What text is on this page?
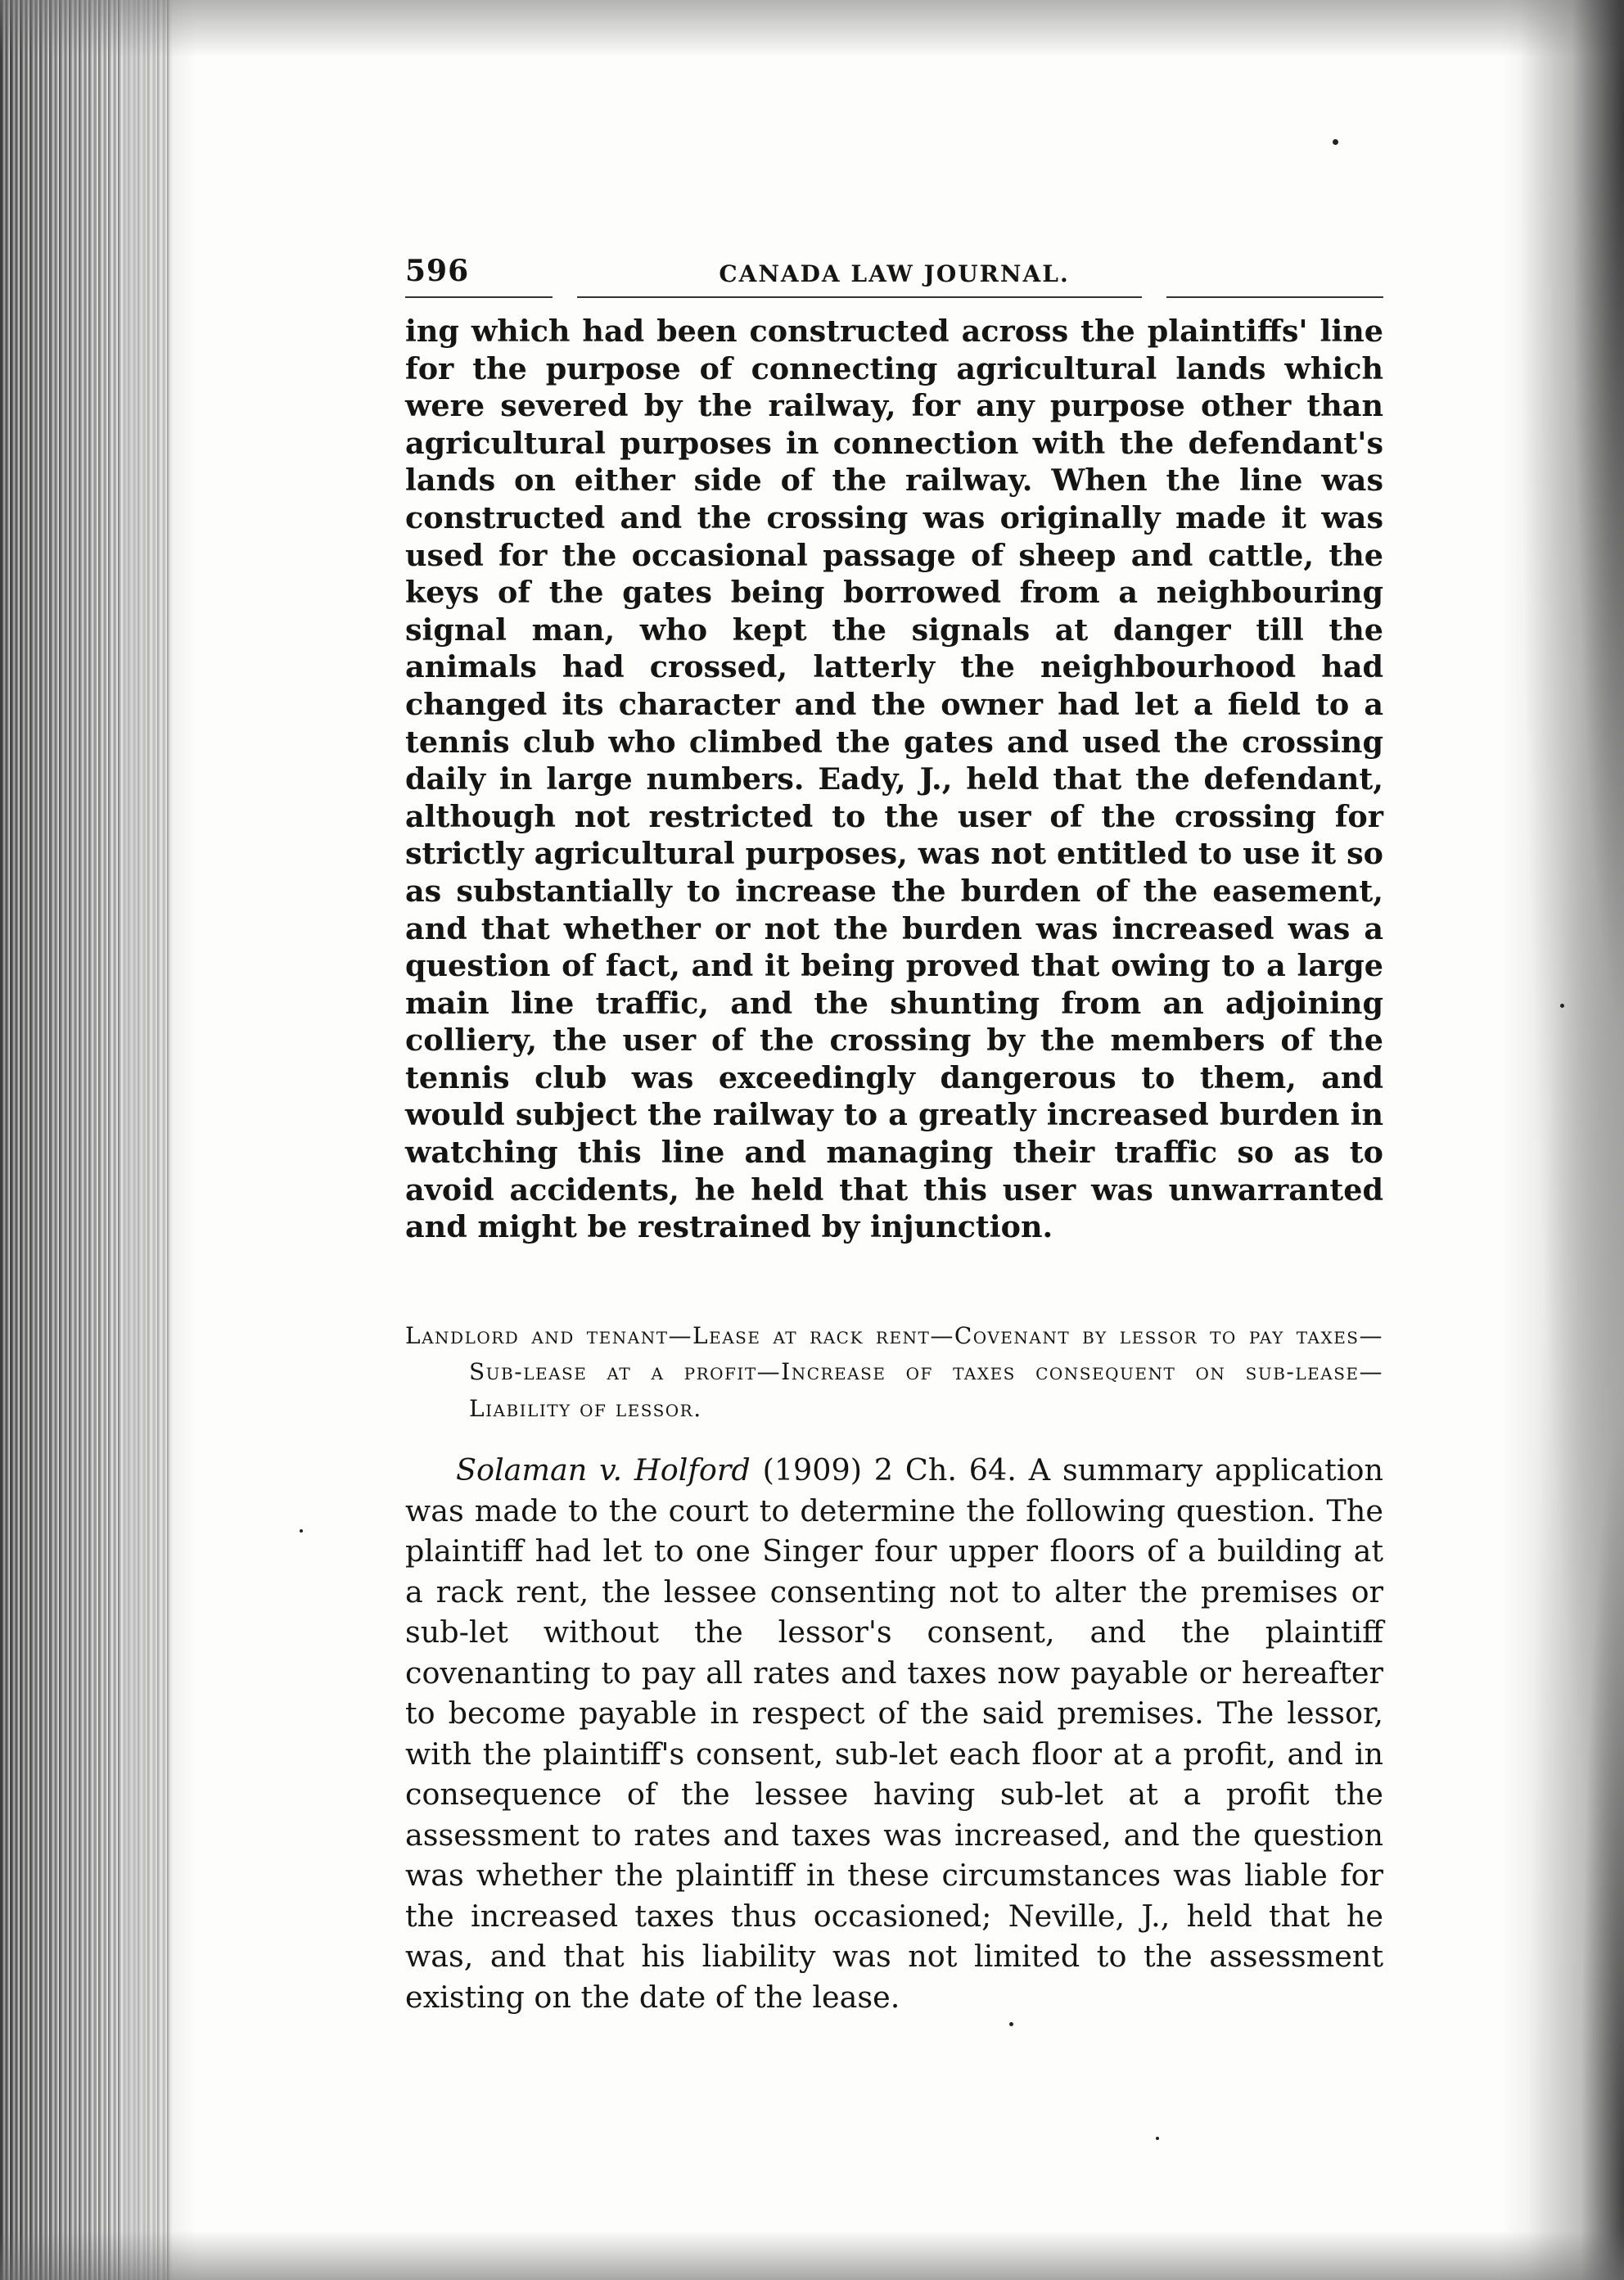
596	CANADA LAW JOURNAL.

ing which had been constructed across the plaintiffs' line for the purpose of connecting agricultural lands which were severed by the railway, for any purpose other than agricultural purposes in connection with the defendant's lands on either side of the railway. When the line was constructed and the crossing was originally made it was used for the occasional passage of sheep and cattle, the keys of the gates being borrowed from a neighbouring signal man, who kept the signals at danger till the animals had crossed, latterly the neighbourhood had changed its character and the owner had let a field to a tennis club who climbed the gates and used the crossing daily in large numbers. Eady, J., held that the defendant, although not restricted to the user of the crossing for strictly agricultural purposes, was not entitled to use it so as substantially to increase the burden of the easement, and that whether or not the burden was increased was a question of fact, and it being proved that owing to a large main line traffic, and the shunting from an adjoining colliery, the user of the crossing by the members of the tennis club was exceedingly dangerous to them, and would subject the railway to a greatly increased burden in watching this line and managing their traffic so as to avoid accidents, he held that this user was unwarranted and might be restrained by injunction.

Landlord and tenant—Lease at rack rent—Covenant by lessor to pay taxes—Sub-lease at a profit—Increase of taxes consequent on sub-lease—Liability of lessor.

Solaman v. Holford (1909) 2 Ch. 64. A summary application was made to the court to determine the following question. The plaintiff had let to one Singer four upper floors of a building at a rack rent, the lessee consenting not to alter the premises or sub-let without the lessor's consent, and the plaintiff covenanting to pay all rates and taxes now payable or hereafter to become payable in respect of the said premises. The lessor, with the plaintiff's consent, sub-let each floor at a profit, and in consequence of the lessee having sub-let at a profit the assessment to rates and taxes was increased, and the question was whether the plaintiff in these circumstances was liable for the increased taxes thus occasioned; Neville, J., held that he was, and that his liability was not limited to the assessment existing on the date of the lease.
